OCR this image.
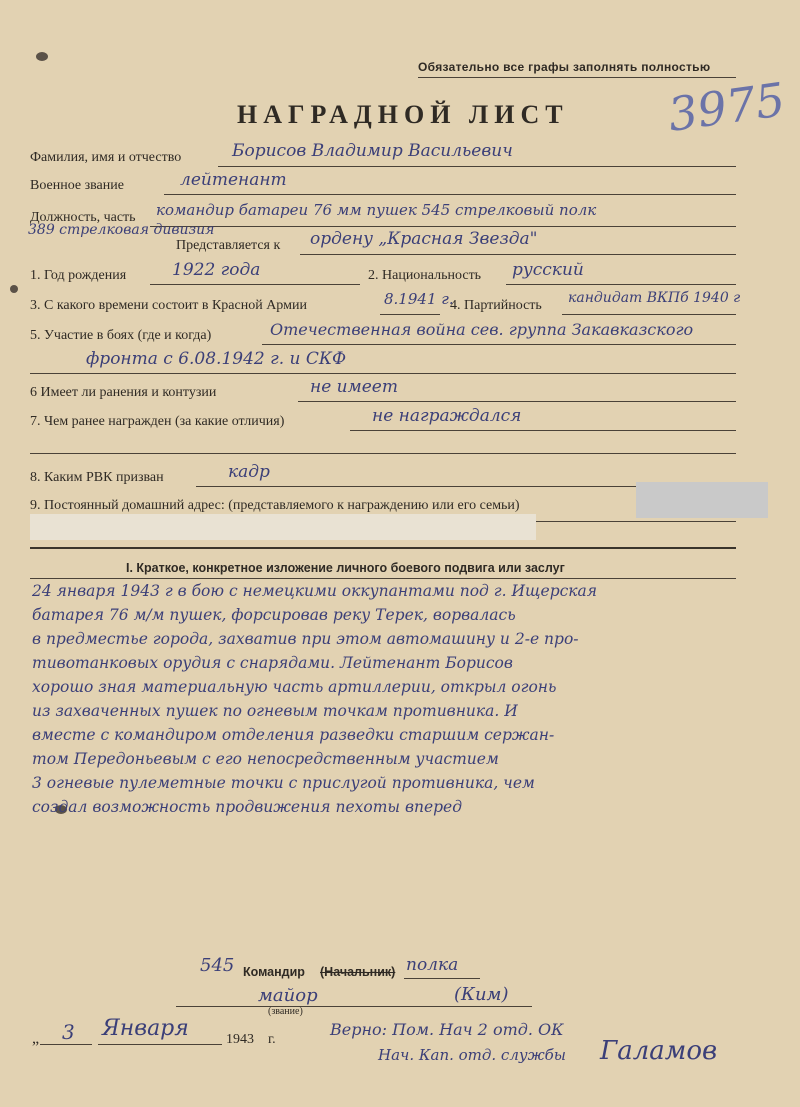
Обязательно все графы заполнять полностью
3975
НАГРАДНОЙ ЛИСТ
Фамилия, имя и отчество	Борисов Владимир Васильевич
Военное звание	лейтенант
Должность, часть командир батареи 76 мм пушек 545 стрелковый полк
389 стрелковая дивизия
Представляется к ордену „Красная Звезда"
1. Год рождения	1922 года	2. Национальность русский
3. С какого времени состоит в Красной Армии	8.1941 г.
4. Партийность кандидат ВКПб 1940 г
5. Участие в боях (где и когда)	Отечественная война сев. группа Закавказского
фронта с 6.08.1942 г. и СКФ
6 Имеет ли ранения и контузии	не имеет
7. Чем ранее награжден (за какие отличия)	не награждался
8. Каким РВК призван	кадр
9. Постоянный домашний адрес: (представляемого к награждению или его семьи)
I. Краткое, конкретное изложение личного боевого подвига или заслуг
24 января 1943 г в бою с немецкими оккупантами под г. Ищерская
батарея 76 м/м пушек, форсировав реку Терек, ворвалась
в предместье города, захватив при этом автомашину и 2-е про-
тивотанковых орудия с снарядами. Лейтенант Борисов
хорошо зная материальную часть артиллерии, открыл огонь
из захваченных пушек по огневым точкам противника. И
вместе с командиром отделения разведки старшим сержан-
том Передоньевым с его непосредственным участием
3 огневые пулеметные точки с прислугой противника, чем
создал возможность продвижения пехоты вперед
545 Командир (Начальник) полка
майор	(Ким)
(звание)
„ 3 Января	1943 г.
Верно: Пом. Нач 2 отд. ОК
Нач. Кап. отд. службы Галамов
